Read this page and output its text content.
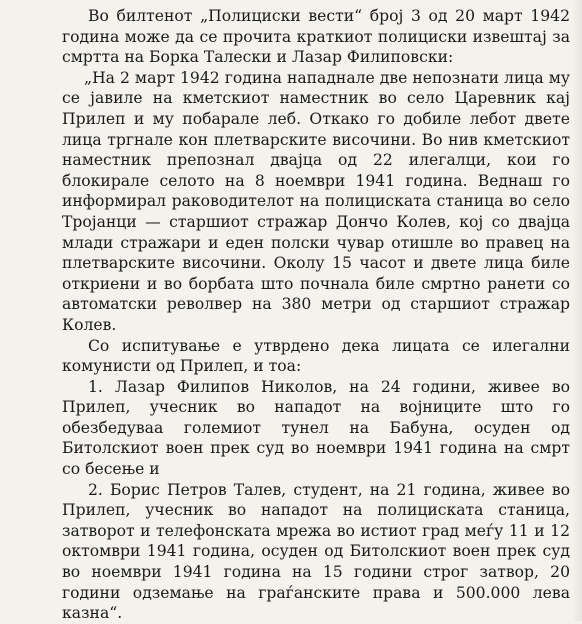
Во билтенот „Полициски вести“ број 3 од 20 март 1942 година може да се прочита краткиот полициски извештај за смртта на Борка Талески и Лазар Филиповски:

„На 2 март 1942 година нападнале две непознати лица му се јавиле на кметскиот наместник во село Царевник кај Прилеп и му побарале леб. Откако го добиле лебот двете лица тргнале кон плетварските височини. Во нив кметскиот наместник препознал двајца од 22 илегалци, кои го блокирале селото на 8 ноември 1941 година. Веднаш го информирал раководителот на полициската станица во село Тројанци — старшиот стражар Дончо Колев, кој со двајца млади стражари и еден полски чувар отишле во правец на плетварските височини. Околу 15 часот и двете лица биле откриени и во борбата што почнала биле смртно ранети со автоматски револвер на 380 метри од старшиот стражар Колев.

Со испитување е утврдено дека лицата се илегални комунисти од Прилеп, и тоа:

1. Лазар Филипов Николов, на 24 години, живее во Прилеп, учесник во нападот на војниците што го обезбедуваа големиот тунел на Бабуна, осуден од Битолскиот воен прек суд во ноември 1941 година на смрт со бесење и

2. Борис Петров Талев, студент, на 21 година, живее во Прилеп, учесник во нападот на полициската станица, затворот и телефонската мрежа во истиот град меѓу 11 и 12 октомври 1941 година, осуден од Битолскиот воен прек суд во ноември 1941 година на 15 години строг затвор, 20 години одземање на граѓанските права и 500.000 лева казна“.
